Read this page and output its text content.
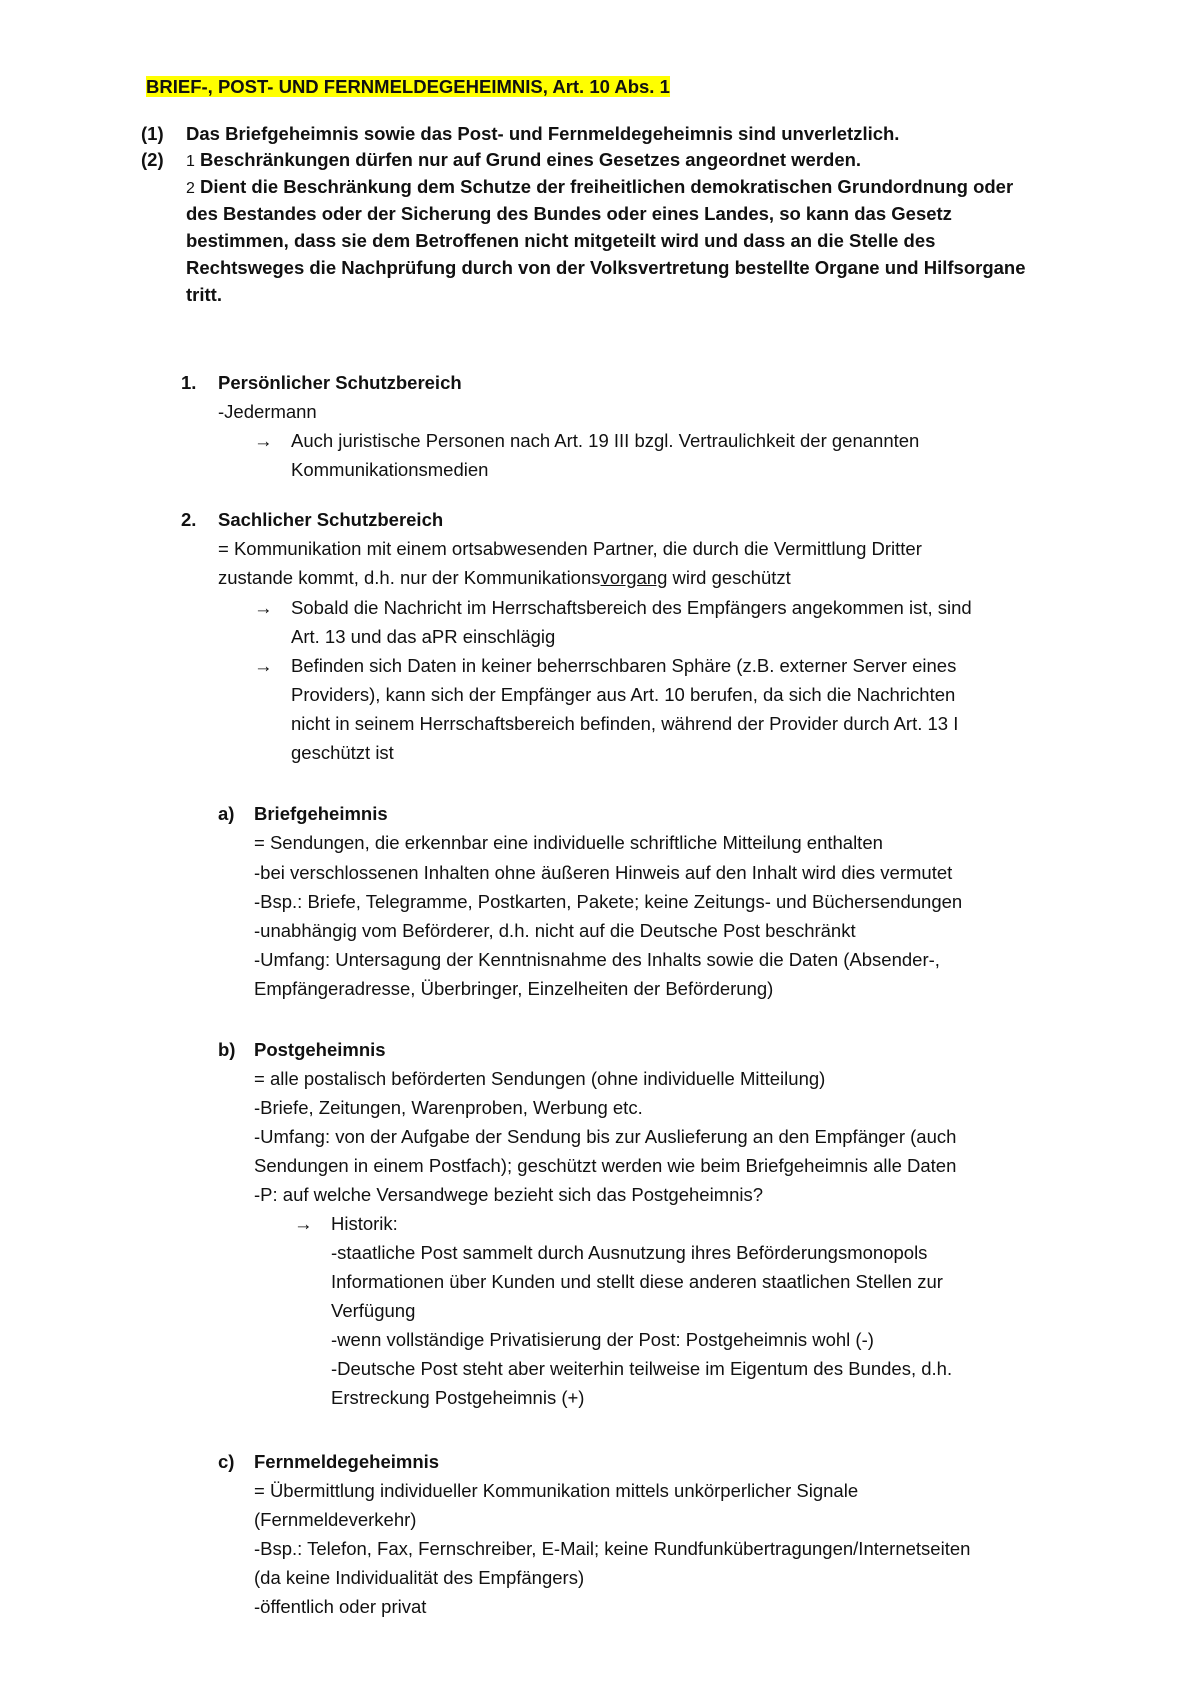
BRIEF-, POST- UND FERNMELDEGEHEIMNIS, Art. 10 Abs. 1
(1) Das Briefgeheimnis sowie das Post- und Fernmeldegeheimnis sind unverletzlich.
(2) 1 Beschränkungen dürfen nur auf Grund eines Gesetzes angeordnet werden.
2 Dient die Beschränkung dem Schutze der freiheitlichen demokratischen Grundordnung oder
des Bestandes oder der Sicherung des Bundes oder eines Landes, so kann das Gesetz
bestimmen, dass sie dem Betroffenen nicht mitgeteilt wird und dass an die Stelle des
Rechtsweges die Nachprüfung durch von der Volksvertretung bestellte Organe und Hilfsorgane
tritt.
1. Persönlicher Schutzbereich
-Jedermann
→ Auch juristische Personen nach Art. 19 III bzgl. Vertraulichkeit der genannten
Kommunikationsmedien
2. Sachlicher Schutzbereich
= Kommunikation mit einem ortsabwesenden Partner, die durch die Vermittlung Dritter
zustande kommt, d.h. nur der Kommunikationsvorgang wird geschützt
→ Sobald die Nachricht im Herrschaftsbereich des Empfängers angekommen ist, sind
Art. 13 und das aPR einschlägig
→ Befinden sich Daten in keiner beherrschbaren Sphäre (z.B. externer Server eines
Providers), kann sich der Empfänger aus Art. 10 berufen, da sich die Nachrichten
nicht in seinem Herrschaftsbereich befinden, während der Provider durch Art. 13 I
geschützt ist
a) Briefgeheimnis
= Sendungen, die erkennbar eine individuelle schriftliche Mitteilung enthalten
-bei verschlossenen Inhalten ohne äußeren Hinweis auf den Inhalt wird dies vermutet
-Bsp.: Briefe, Telegramme, Postkarten, Pakete; keine Zeitungs- und Büchersendungen
-unabhängig vom Beförderer, d.h. nicht auf die Deutsche Post beschränkt
-Umfang: Untersagung der Kenntnisnahme des Inhalts sowie die Daten (Absender-,
Empfängeradresse, Überbringer, Einzelheiten der Beförderung)
b) Postgeheimnis
= alle postalisch beförderten Sendungen (ohne individuelle Mitteilung)
-Briefe, Zeitungen, Warenproben, Werbung etc.
-Umfang: von der Aufgabe der Sendung bis zur Auslieferung an den Empfänger (auch
Sendungen in einem Postfach); geschützt werden wie beim Briefgeheimnis alle Daten
-P: auf welche Versandwege bezieht sich das Postgeheimnis?
→ Historik:
-staatliche Post sammelt durch Ausnutzung ihres Beförderungsmonopols
Informationen über Kunden und stellt diese anderen staatlichen Stellen zur
Verfügung
-wenn vollständige Privatisierung der Post: Postgeheimnis wohl (-)
-Deutsche Post steht aber weiterhin teilweise im Eigentum des Bundes, d.h.
Erstreckung Postgeheimnis (+)
c) Fernmeldegeheimnis
= Übermittlung individueller Kommunikation mittels unkörperlicher Signale
(Fernmeldeverkehr)
-Bsp.: Telefon, Fax, Fernschreiber, E-Mail; keine Rundfunkübertragungen/Internetseiten
(da keine Individualität des Empfängers)
-öffentlich oder privat
